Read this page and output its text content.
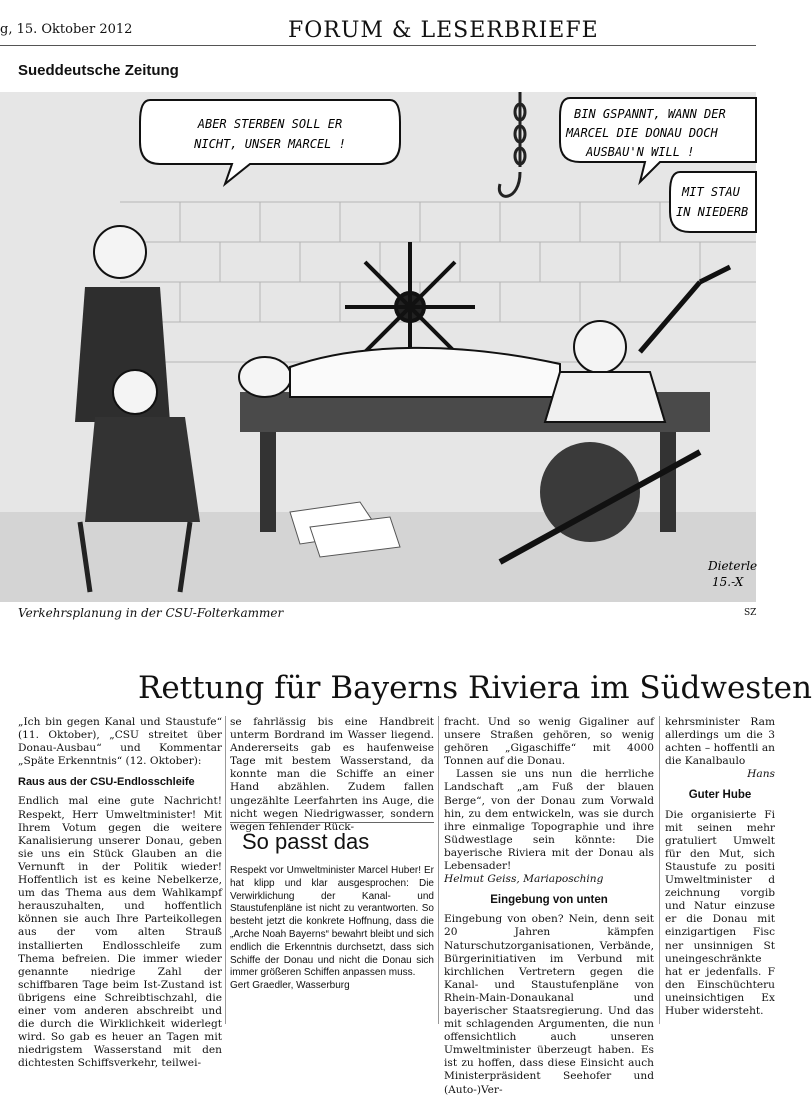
g, 15. Oktober 2012	FORUM & LESERBRIEFE
Sueddeutsche Zeitung
ABER STERBEN SOLL ER
NICHT, UNSER MARCEL !
BIN GSPANNT, WANN DER
MARCEL DIE DONAU DOCH
AUSBAU'N WILL !
MIT STAU
IN NIEDERB
Dieterle
15.-X
Verkehrsplanung in der CSU-Folterkammer	SZ
Rettung für Bayerns Riviera im Südwesten

„Ich bin gegen Kanal und Staustufe“ (11. Oktober), „CSU streitet über Donau-Ausbau“ und Kommentar „Späte Erkenntnis“ (12. Oktober):

Raus aus der CSU-Endlosschleife

Endlich mal eine gute Nachricht! Respekt, Herr Umweltminister! Mit Ihrem Votum gegen die weitere Kanalisierung unserer Donau, geben sie uns ein Stück Glauben an die Vernunft in der Politik wieder! Hoffentlich ist es keine Nebelkerze, um das Thema aus dem Wahlkampf herauszuhalten, und hoffentlich können sie auch Ihre Parteikollegen aus der vom alten Strauß installierten Endlosschleife zum Thema befreien. Die immer wieder genannte niedrige Zahl der schiffbaren Tage beim Ist-Zustand ist übrigens eine Schreibtischzahl, die einer vom anderen abschreibt und die durch die Wirklichkeit widerlegt wird. So gab es heuer an Tagen mit niedrigstem Wasserstand mit den dichtesten Schiffsverkehr, teilwei-

se fahrlässig bis eine Handbreit unterm Bordrand im Wasser liegend. Andererseits gab es haufenweise Tage mit bestem Wasserstand, da konnte man die Schiffe an einer Hand abzählen. Zudem fallen ungezählte Leerfahrten ins Auge, die nicht wegen Niedrigwasser, sondern wegen fehlender Rück-

So passt das

Respekt vor Umweltminister Marcel Huber! Er hat klipp und klar ausgesprochen: Die Verwirklichung der Kanal- und Staustufenpläne ist nicht zu verantworten. So besteht jetzt die konkrete Hoffnung, dass die „Arche Noah Bayerns“ bewahrt bleibt und sich endlich die Erkenntnis durchsetzt, dass sich Schiffe der Donau und nicht die Donau sich immer größeren Schiffen anpassen muss.

Gert Graedler, Wasserburg

fracht. Und so wenig Gigaliner auf unsere Straßen gehören, so wenig gehören „Gigaschiffe“ mit 4000 Tonnen auf die Donau.

Lassen sie uns nun die herrliche Landschaft „am Fuß der blauen Berge“, von der Donau zum Vorwald hin, zu dem entwickeln, was sie durch ihre einmalige Topographie und ihre Südwestlage sein könnte: Die bayerische Riviera mit der Donau als Lebensader!

Helmut Geiss, Mariaposching

Eingebung von unten

Eingebung von oben? Nein, denn seit 20 Jahren kämpfen Naturschutzorganisationen, Verbände, Bürgerinitiativen im Verbund mit kirchlichen Vertretern gegen die Kanal- und Staustufenpläne von Rhein-Main-Donaukanal und bayerischer Staatsregierung. Und das mit schlagenden Argumenten, die nun offensichtlich auch unseren Umweltminister überzeugt haben. Es ist zu hoffen, dass diese Einsicht auch Ministerpräsident Seehofer und (Auto-)Ver-

kehrsminister Ram allerdings um die 3 achten – hoffentli an die Kanalbaulo

Hans

Guter Hube

Die organisierte Fi mit seinen mehr gratuliert Umwelt für den Mut, sich Staustufe zu positi Umweltminister d zeichnung vorgib und Natur einzuse er die Donau mit einzigartigen Fisc ner unsinnigen St uneingeschränkte hat er jedenfalls. F den Einschüchteru uneinsichtigen Ex Huber widersteht.
